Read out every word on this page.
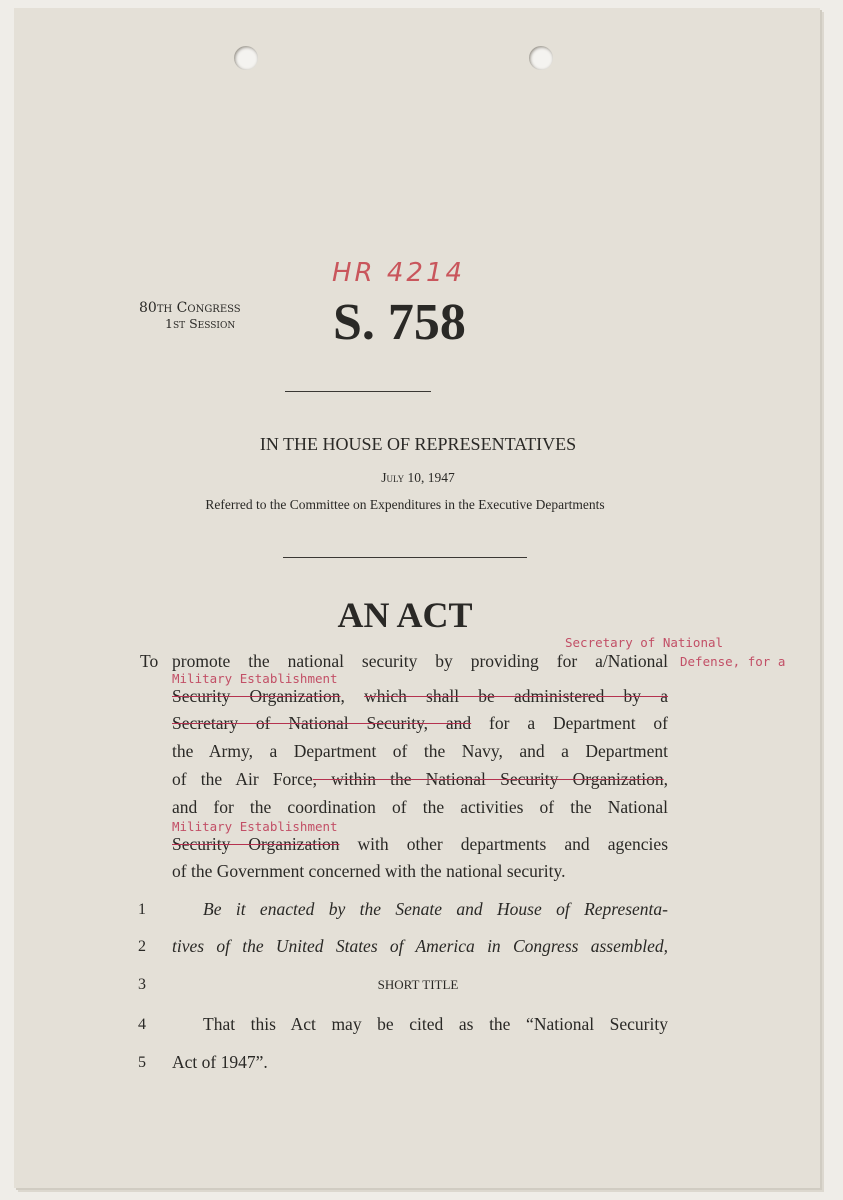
80th Congress
1st Session
HR 4214
S. 758
IN THE HOUSE OF REPRESENTATIVES
July 10, 1947
Referred to the Committee on Expenditures in the Executive Departments
AN ACT
Secretary of National
Defense, for a
Military Establishment
Military Establishment
To promote the national security by providing for a/National
Security Organization, which shall be administered by a
Secretary of National Security, and for a Department of
the Army, a Department of the Navy, and a Department
of the Air Force, within the National Security Organization,
and for the coordination of the activities of the National
Security Organization with other departments and agencies
of the Government concerned with the national security.
1	Be it enacted by the Senate and House of Representa-
2 tives of the United States of America in Congress assembled,
3	SHORT TITLE
4	That this Act may be cited as the “National Security
5 Act of 1947”.
